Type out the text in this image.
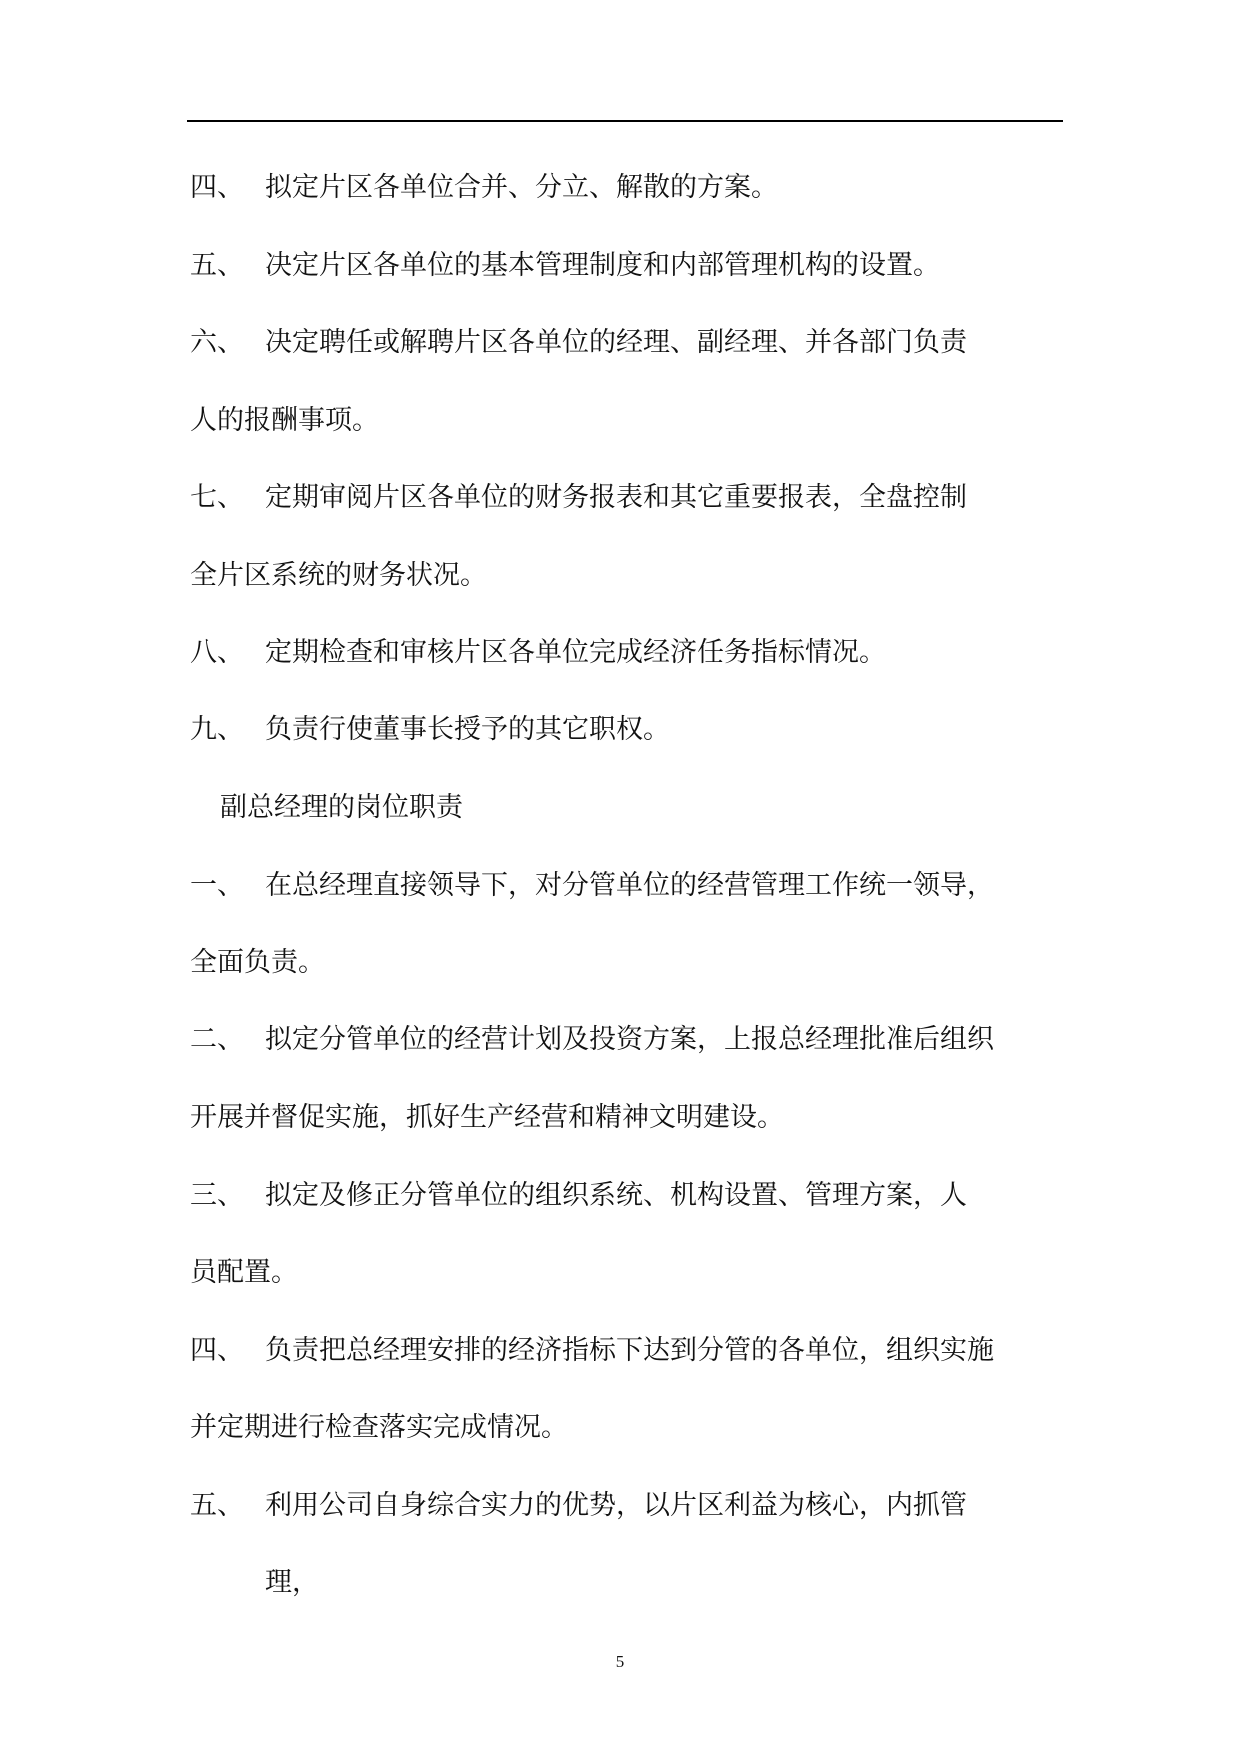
四、 拟定片区各单位合并、分立、解散的方案。
五、 决定片区各单位的基本管理制度和内部管理机构的设置。
六、 决定聘任或解聘片区各单位的经理、副经理、并各部门负责
人的报酬事项。
七、 定期审阅片区各单位的财务报表和其它重要报表，全盘控制
全片区系统的财务状况。
八、 定期检查和审核片区各单位完成经济任务指标情况。
九、 负责行使董事长授予的其它职权。
副总经理的岗位职责
一、 在总经理直接领导下，对分管单位的经营管理工作统一领导，
全面负责。
二、 拟定分管单位的经营计划及投资方案，上报总经理批准后组织
开展并督促实施，抓好生产经营和精神文明建设。
三、 拟定及修正分管单位的组织系统、机构设置、管理方案，人
员配置。
四、 负责把总经理安排的经济指标下达到分管的各单位，组织实施
并定期进行检查落实完成情况。
五、 利用公司自身综合实力的优势，以片区利益为核心，内抓管
理，
5
